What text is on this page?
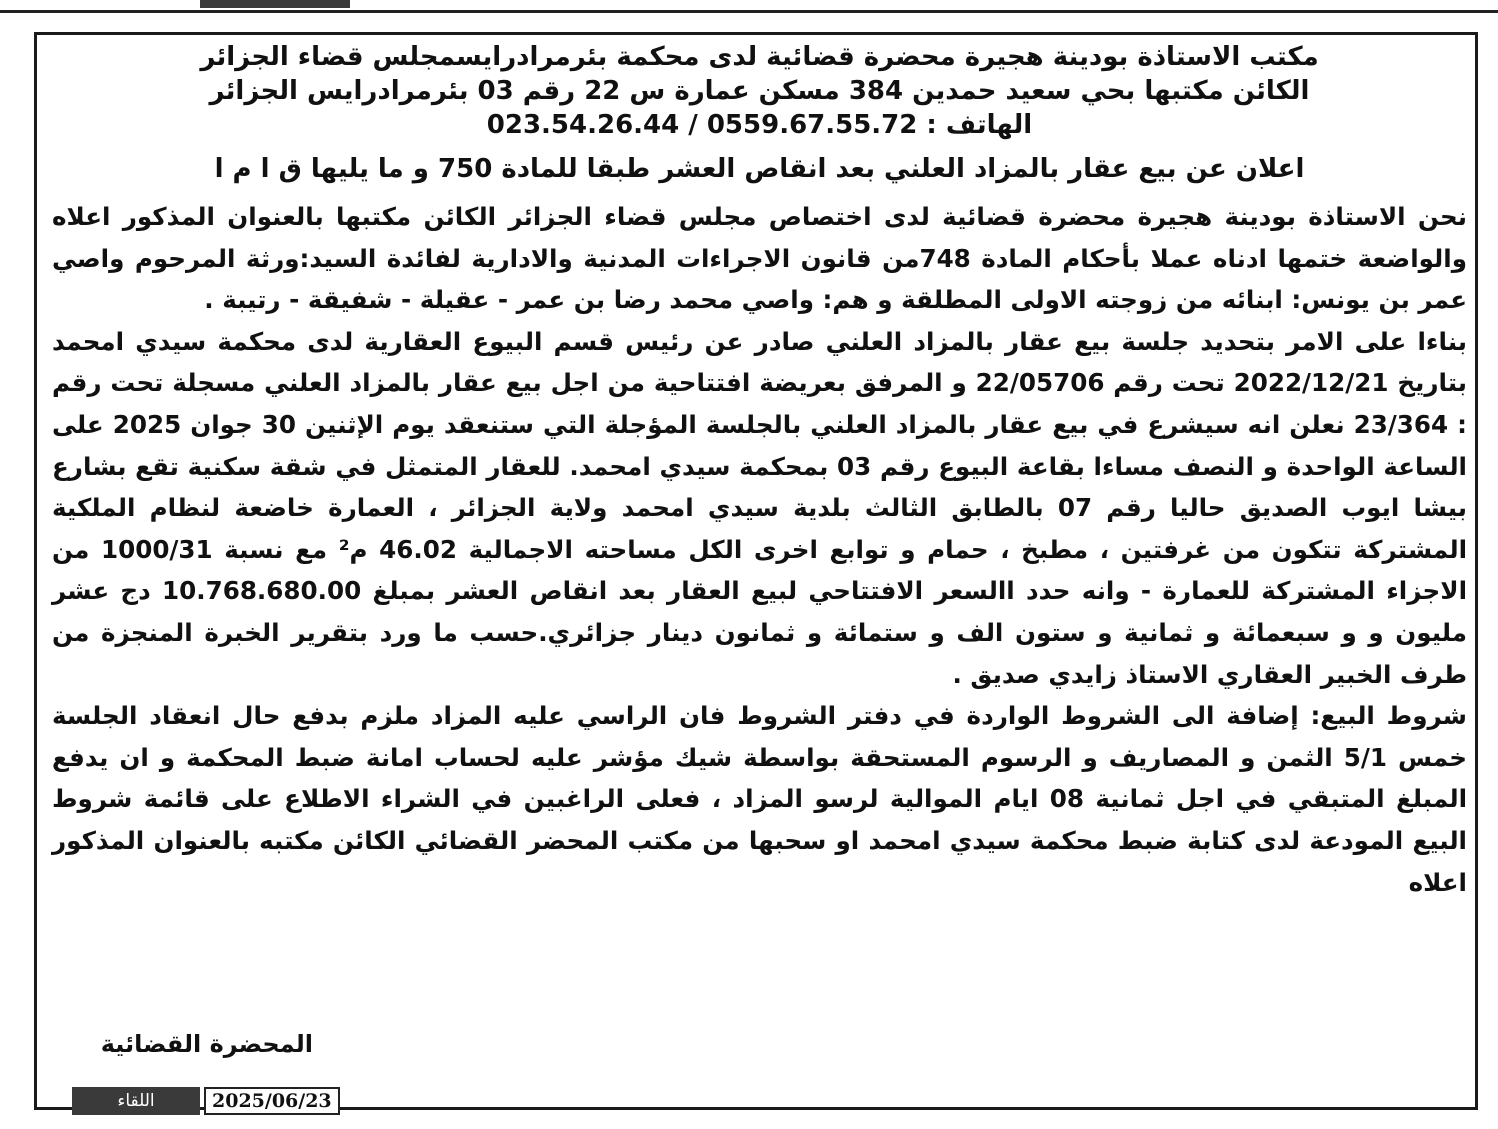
مكتب الاستاذة بودينة هجيرة محضرة قضائية لدى محكمة بئرمرادرايسمجلس قضاء الجزائر
الكائن مكتبها بحي سعيد حمدين 384 مسكن عمارة س 22 رقم 03 بئرمرادرايس الجزائر
الهاتف : 0559.67.55.72 / 023.54.26.44
اعلان عن بيع عقار بالمزاد العلني بعد انقاص العشر طبقا للمادة 750 و ما يليها ق ا م ا

نحن الاستاذة بودينة هجيرة محضرة قضائية لدى اختصاص مجلس قضاء الجزائر الكائن مكتبها بالعنوان المذكور اعلاه والواضعة ختمها ادناه عملا بأحكام المادة 748من قانون الاجراءات المدنية والادارية لفائدة السيد:ورثة المرحوم واصي عمر بن يونس: ابنائه من زوجته الاولى المطلقة و هم: واصي محمد رضا بن عمر - عقيلة - شفيقة - رتيبة .

بناءا على الامر بتحديد جلسة بيع عقار بالمزاد العلني صادر عن رئيس قسم البيوع العقارية لدى محكمة سيدي امحمد بتاريخ 2022/12/21 تحت رقم 22/05706 و المرفق بعريضة افتتاحية من اجل بيع عقار بالمزاد العلني مسجلة تحت رقم : 23/364 نعلن انه سيشرع في بيع عقار بالمزاد العلني بالجلسة المؤجلة التي ستنعقد يوم الإثنين 30 جوان 2025 على الساعة الواحدة و النصف مساءا بقاعة البيوع رقم 03 بمحكمة سيدي امحمد. للعقار المتمثل في شقة سكنية تقع بشارع بيشا ايوب الصديق حاليا رقم 07 بالطابق الثالث بلدية سيدي امحمد ولاية الجزائر ، العمارة خاضعة لنظام الملكية المشتركة تتكون من غرفتين ، مطبخ ، حمام و توابع اخرى الكل مساحته الاجمالية 46.02 م² مع نسبة 1000/31 من الاجزاء المشتركة للعمارة - وانه حدد االسعر الافتتاحي لبيع العقار بعد انقاص العشر بمبلغ 10.768.680.00 دج عشر مليون و و سبعمائة و ثمانية و ستون الف و ستمائة و ثمانون دينار جزائري.حسب ما ورد بتقرير الخبرة المنجزة من طرف الخبير العقاري الاستاذ زايدي صديق .

شروط البيع: إضافة الى الشروط الواردة في دفتر الشروط فان الراسي عليه المزاد ملزم بدفع حال انعقاد الجلسة خمس 5/1 الثمن و المصاريف و الرسوم المستحقة بواسطة شيك مؤشر عليه لحساب امانة ضبط المحكمة و ان يدفع المبلغ المتبقي في اجل ثمانية 08 ايام الموالية لرسو المزاد ، فعلى الراغبين في الشراء الاطلاع على قائمة شروط البيع المودعة لدى كتابة ضبط محكمة سيدي امحمد او سحبها من مكتب المحضر القضائي الكائن مكتبه بالعنوان المذكور اعلاه

المحضرة القضائية
اللقاء	2025/06/23
